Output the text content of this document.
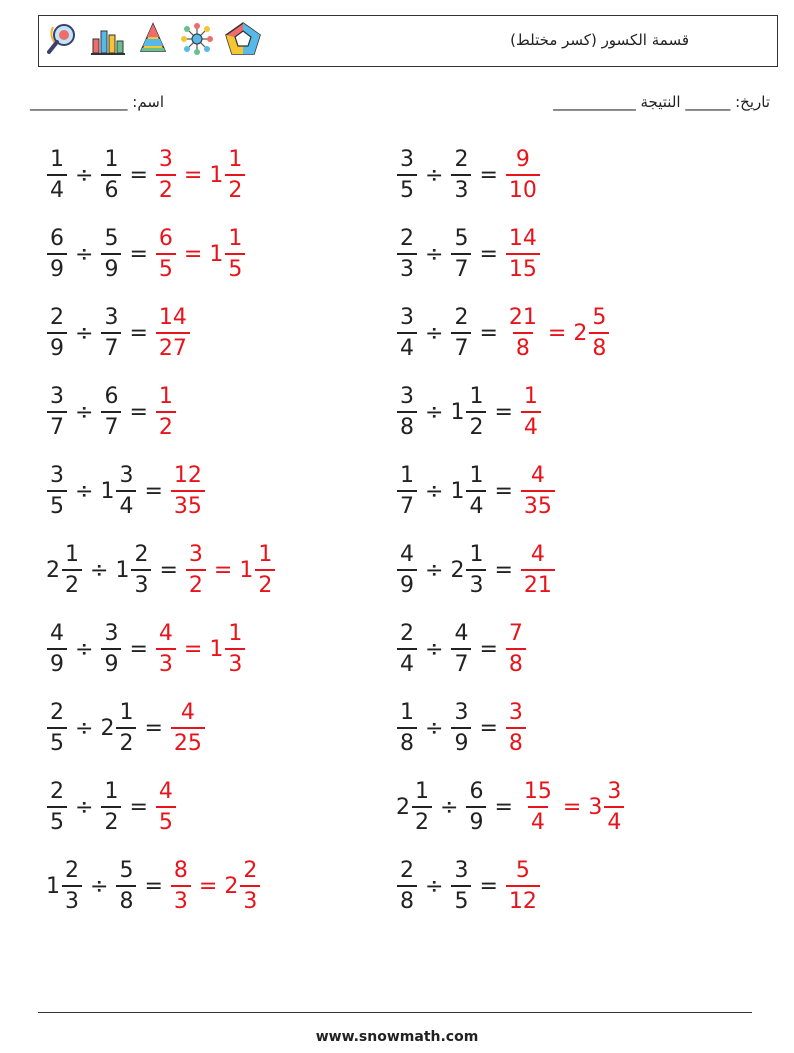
قسمة الكسور (كسر مختلط)
اسم: _____________	تاريخ: ______ النتيجة ___________
$\frac{1}{4} \div \frac{1}{6} = \frac{3}{2} = 1 \frac{1}{2}$	$\frac{3}{5} \div \frac{2}{3} = \frac{9}{10}$
$\frac{6}{9} \div \frac{5}{9} = \frac{6}{5} = 1 \frac{1}{5}$	$\frac{2}{3} \div \frac{5}{7} = \frac{14}{15}$
$\frac{2}{9} \div \frac{3}{7} = \frac{14}{27}$	$\frac{3}{4} \div \frac{2}{7} = \frac{21}{8} = 2 \frac{5}{8}$
$\frac{3}{7} \div \frac{6}{7} = \frac{1}{2}$	$\frac{3}{8} \div 1 \frac{1}{2} = \frac{1}{4}$
$\frac{3}{5} \div 1 \frac{3}{4} = \frac{12}{35}$	$\frac{1}{7} \div 1 \frac{1}{4} = \frac{4}{35}$
$2 \frac{1}{2} \div 1 \frac{2}{3} = \frac{3}{2} = 1 \frac{1}{2}$	$\frac{4}{9} \div 2 \frac{1}{3} = \frac{4}{21}$
$\frac{4}{9} \div \frac{3}{9} = \frac{4}{3} = 1 \frac{1}{3}$	$\frac{2}{4} \div \frac{4}{7} = \frac{7}{8}$
$\frac{2}{5} \div 2 \frac{1}{2} = \frac{4}{25}$	$\frac{1}{8} \div \frac{3}{9} = \frac{3}{8}$
$\frac{2}{5} \div \frac{1}{2} = \frac{4}{5}$	$2 \frac{1}{2} \div \frac{6}{9} = \frac{15}{4} = 3 \frac{3}{4}$
$1 \frac{2}{3} \div \frac{5}{8} = \frac{8}{3} = 2 \frac{2}{3}$	$\frac{2}{8} \div \frac{3}{5} = \frac{5}{12}$
www.snowmath.com
